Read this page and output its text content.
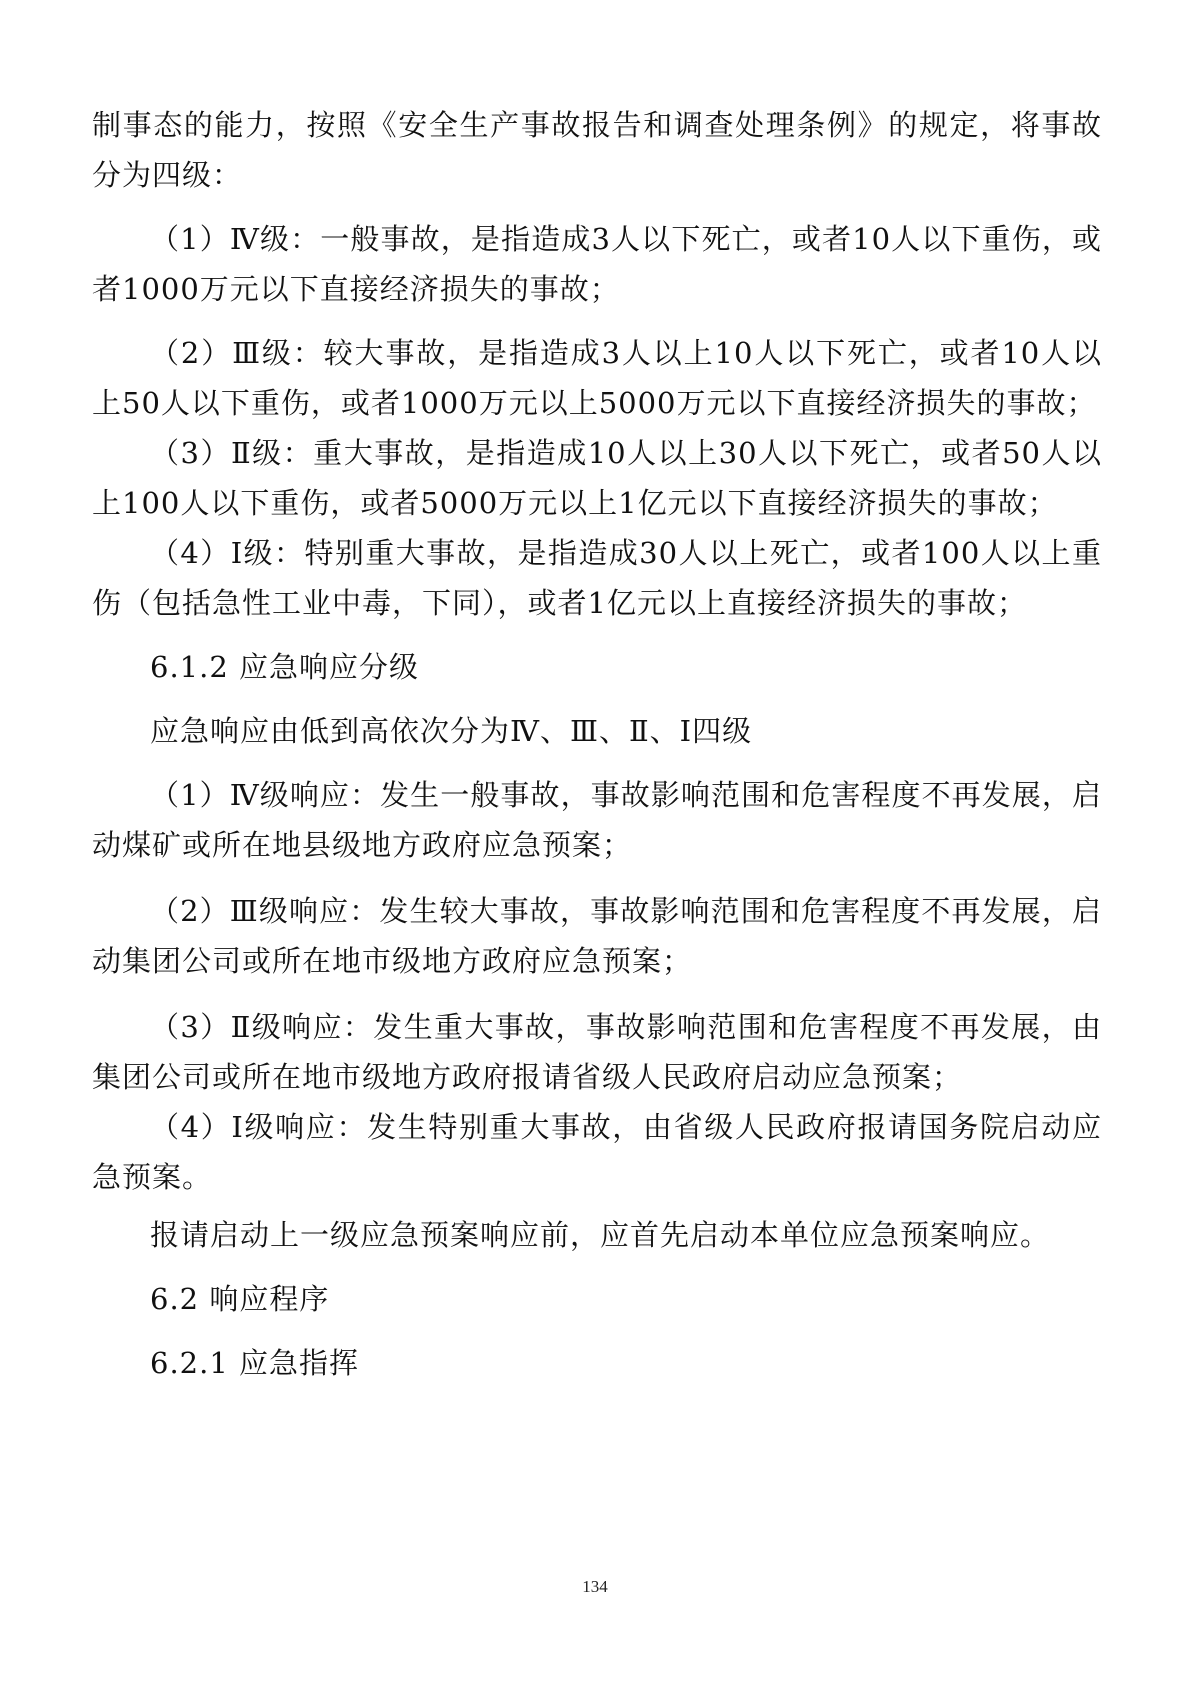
制事态的能力，按照《安全生产事故报告和调查处理条例》的规定，将事故分为四级：

（1）Ⅳ级：一般事故，是指造成3人以下死亡，或者10人以下重伤，或者1000万元以下直接经济损失的事故；

（2）Ⅲ级：较大事故，是指造成3人以上10人以下死亡，或者10人以上50人以下重伤，或者1000万元以上5000万元以下直接经济损失的事故；

（3）Ⅱ级：重大事故，是指造成10人以上30人以下死亡，或者50人以上100人以下重伤，或者5000万元以上1亿元以下直接经济损失的事故；

（4）Ⅰ级：特别重大事故，是指造成30人以上死亡，或者100人以上重伤（包括急性工业中毒，下同），或者1亿元以上直接经济损失的事故；

6.1.2 应急响应分级

应急响应由低到高依次分为Ⅳ、Ⅲ、Ⅱ、Ⅰ四级

（1）Ⅳ级响应：发生一般事故，事故影响范围和危害程度不再发展，启动煤矿或所在地县级地方政府应急预案；

（2）Ⅲ级响应：发生较大事故，事故影响范围和危害程度不再发展，启动集团公司或所在地市级地方政府应急预案；

（3）Ⅱ级响应：发生重大事故，事故影响范围和危害程度不再发展，由集团公司或所在地市级地方政府报请省级人民政府启动应急预案；

（4）Ⅰ级响应：发生特别重大事故，由省级人民政府报请国务院启动应急预案。

报请启动上一级应急预案响应前，应首先启动本单位应急预案响应。

6.2 响应程序

6.2.1 应急指挥

134
